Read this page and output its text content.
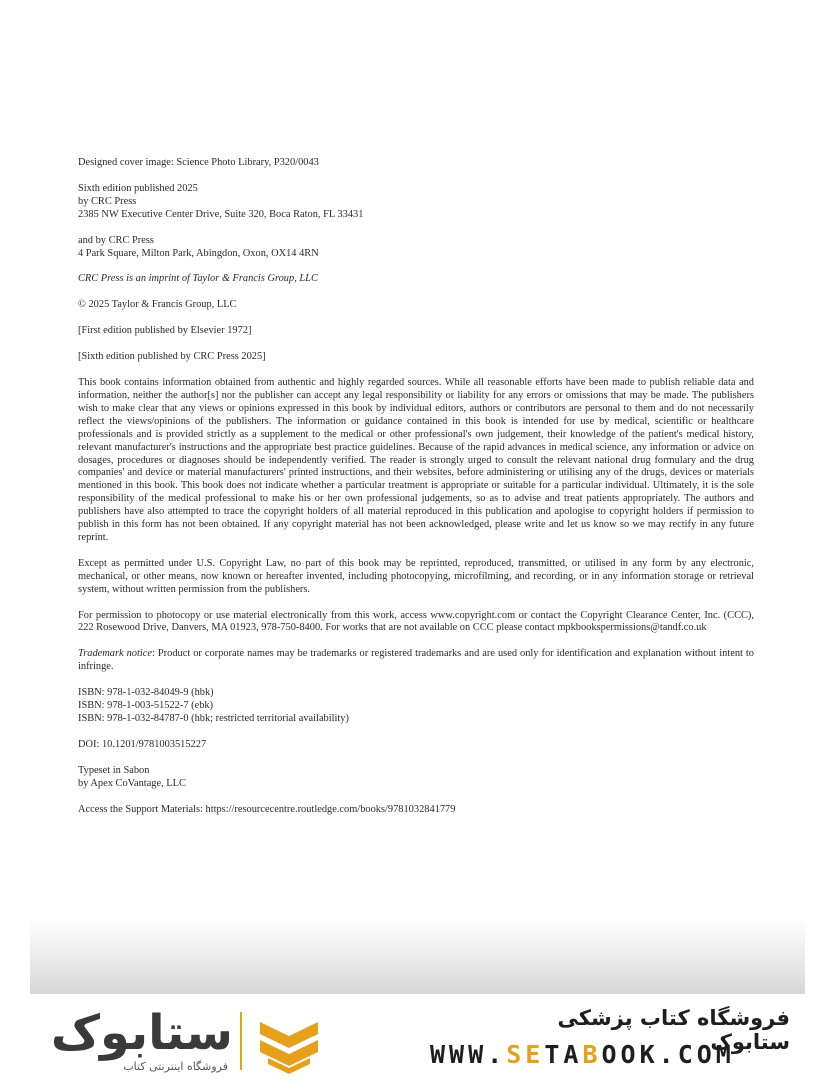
Designed cover image: Science Photo Library, P320/0043

Sixth edition published 2025
by CRC Press
2385 NW Executive Center Drive, Suite 320, Boca Raton, FL 33431

and by CRC Press
4 Park Square, Milton Park, Abingdon, Oxon, OX14 4RN

CRC Press is an imprint of Taylor & Francis Group, LLC

© 2025 Taylor & Francis Group, LLC

[First edition published by Elsevier 1972]

[Sixth edition published by CRC Press 2025]

This book contains information obtained from authentic and highly regarded sources. While all reasonable efforts have been made to publish reliable data and information, neither the author[s] nor the publisher can accept any legal responsibility or liability for any errors or omissions that may be made. The publishers wish to make clear that any views or opinions expressed in this book by individual editors, authors or contributors are personal to them and do not necessarily reflect the views/opinions of the publishers. The information or guidance contained in this book is intended for use by medical, scientific or healthcare professionals and is provided strictly as a supplement to the medical or other professional's own judgement, their knowledge of the patient's medical history, relevant manufacturer's instructions and the appropriate best practice guidelines. Because of the rapid advances in medical science, any information or advice on dosages, procedures or diagnoses should be independently verified. The reader is strongly urged to consult the relevant national drug formulary and the drug companies' and device or material manufacturers' printed instructions, and their websites, before administering or utilising any of the drugs, devices or materials mentioned in this book. This book does not indicate whether a particular treatment is appropriate or suitable for a particular individual. Ultimately, it is the sole responsibility of the medical professional to make his or her own professional judgements, so as to advise and treat patients appropriately. The authors and publishers have also attempted to trace the copyright holders of all material reproduced in this publication and apologise to copyright holders if permission to publish in this form has not been obtained. If any copyright material has not been acknowledged, please write and let us know so we may rectify in any future reprint.

Except as permitted under U.S. Copyright Law, no part of this book may be reprinted, reproduced, transmitted, or utilised in any form by any electronic, mechanical, or other means, now known or hereafter invented, including photocopying, microfilming, and recording, or in any information storage or retrieval system, without written permission from the publishers.

For permission to photocopy or use material electronically from this work, access www.copyright.com or contact the Copyright Clearance Center, Inc. (CCC), 222 Rosewood Drive, Danvers, MA 01923, 978-750-8400. For works that are not available on CCC please contact mpkbookspermissions@tandf.co.uk

Trademark notice: Product or corporate names may be trademarks or registered trademarks and are used only for identification and explanation without intent to infringe.

ISBN: 978-1-032-84049-9 (hbk)
ISBN: 978-1-003-51522-7 (ebk)
ISBN: 978-1-032-84787-0 (hbk; restricted territorial availability)

DOI: 10.1201/9781003515227

Typeset in Sabon
by Apex CoVantage, LLC

Access the Support Materials: https://resourcecentre.routledge.com/books/9781032841779

ستابوک
فروشگاه اینترنتی کتاب
فروشگاه کتاب پزشکی ستابوک
WWW.SETABOOK.COM
